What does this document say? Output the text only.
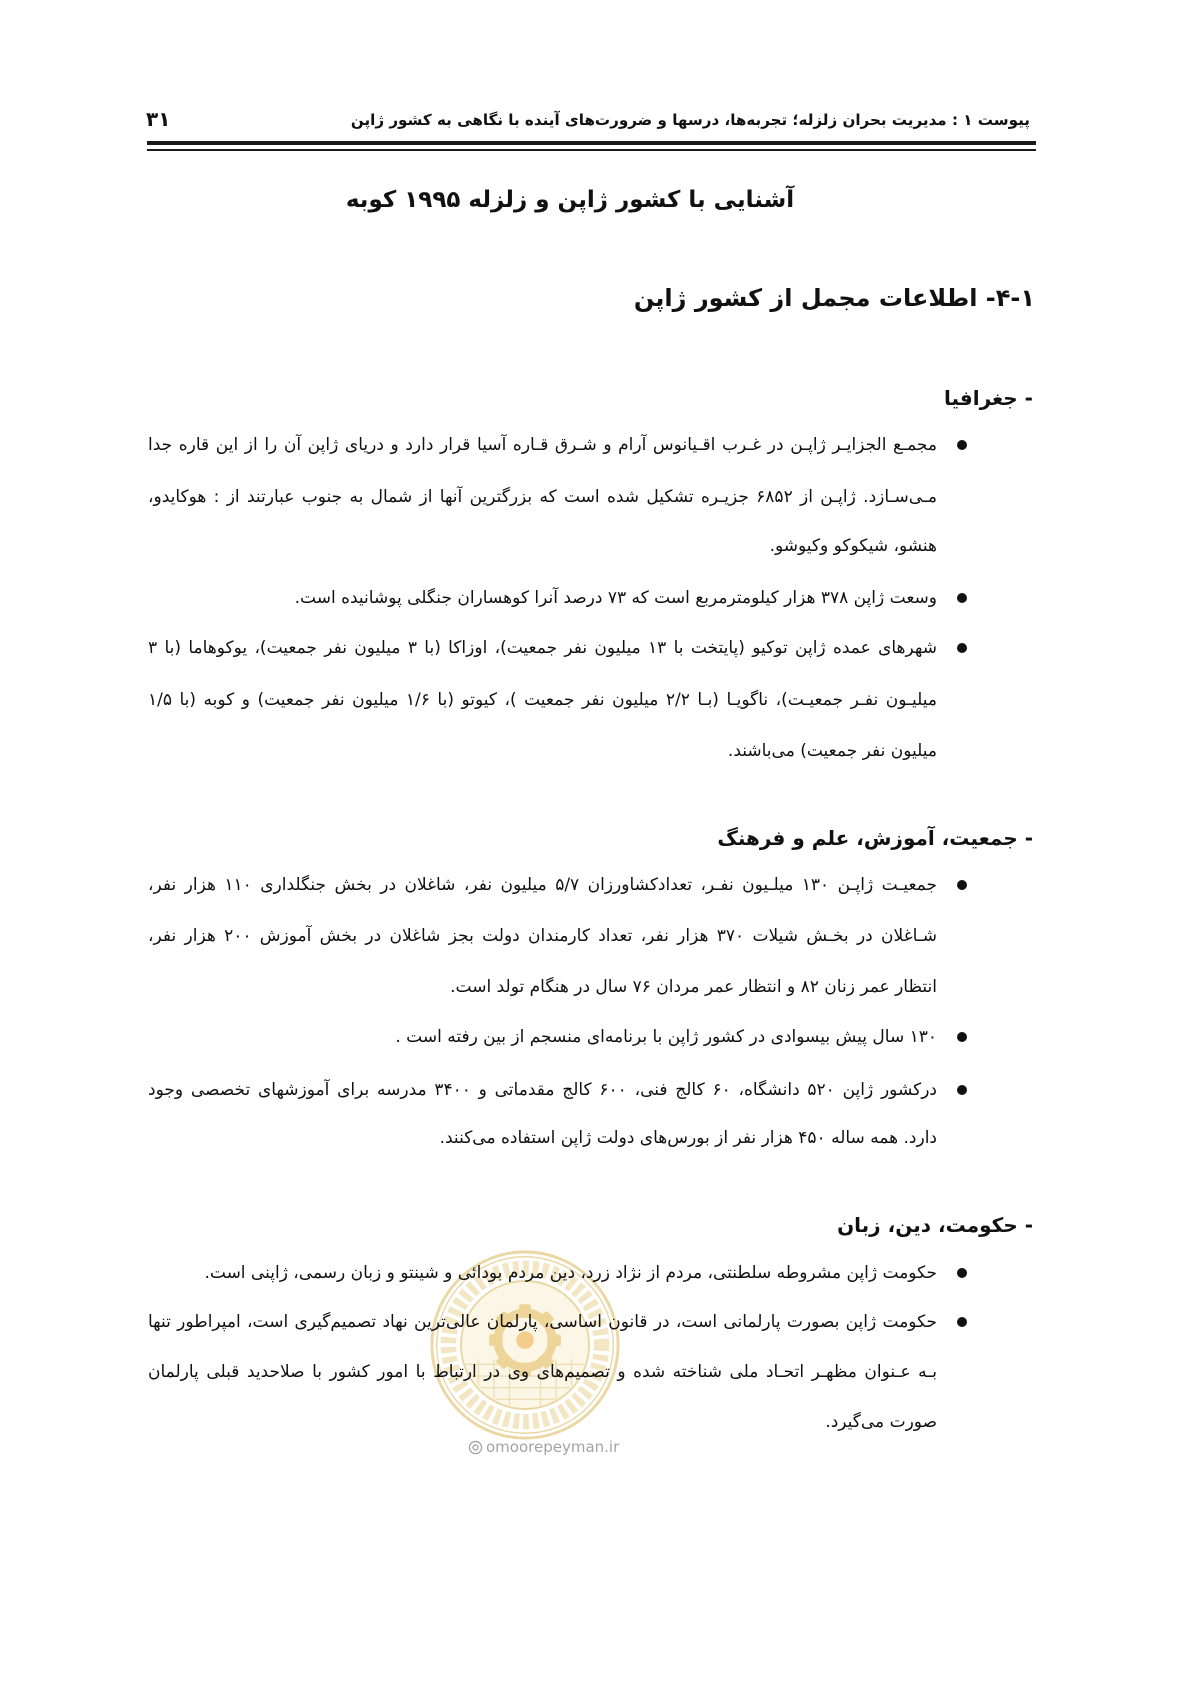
۳۱	پیوست ۱ : مدیریت بحران زلزله؛ تجربه‌ها، درسها و ضرورت‌های آینده با نگاهی به کشور ژاپن
آشنایی با کشور ژاپن و زلزله ۱۹۹۵ کوبه
۴-۱- اطلاعات مجمل از کشور ژاپن
- جغرافیا
مجمـع الجزایـر ژاپـن در غـرب اقـیانوس آرام و شـرق قـاره آسیا قرار دارد و دریای ژاپن آن را از این قاره جدا
مـی‌سـازد. ژاپـن از ۶۸۵۲ جزیـره تشکیل شده است که بزرگترین آنها از شمال به جنوب عبارتند از : هوکایدو،
هنشو، شیکوکو وکیوشو.
وسعت ژاپن ۳۷۸ هزار کیلومترمربع است که ۷۳ درصد آنرا کوهساران جنگلی پوشانیده است.
شهرهای عمده ژاپن توکیو (پایتخت با ۱۳ میلیون نفر جمعیت)، اوزاکا (با ۳ میلیون نفر جمعیت)، یوکوهاما (با ۳
میلیـون نفـر جمعیـت)، ناگویـا (بـا ۲/۲ میلیون نفر جمعیت )، کیوتو (با ۱/۶ میلیون نفر جمعیت) و کوبه (با ۱/۵
میلیون نفر جمعیت) می‌باشند.
- جمعیت، آموزش، علم و فرهنگ
جمعیـت ژاپـن ۱۳۰ میلـیون نفـر، تعدادکشاورزان ۵/۷ میلیون نفر، شاغلان در بخش جنگلداری ۱۱۰ هزار نفر،
شـاغلان در بخـش شیلات ۳۷۰ هزار نفر، تعداد کارمندان دولت بجز شاغلان در بخش آموزش ۲۰۰ هزار نفر،
انتظار عمر زنان ۸۲ و انتظار عمر مردان ۷۶ سال در هنگام تولد است.
۱۳۰ سال پیش بیسوادی در کشور ژاپن با برنامه‌ای منسجم از بین رفته است .
درکشور ژاپن ۵۲۰ دانشگاه، ۶۰ کالج فنی، ۶۰۰ کالج مقدماتی و ۳۴۰۰ مدرسه برای آموزشهای تخصصی وجود
دارد. همه ساله ۴۵۰ هزار نفر از بورس‌های دولت ژاپن استفاده می‌کنند.
- حکومت، دین، زبان
حکومت ژاپن مشروطه سلطنتی، مردم از نژاد زرد، دین مردم بودائی و شینتو و زبان رسمی، ژاپنی است.
حکومت ژاپن بصورت پارلمانی است، در قانون اساسی، پارلمان عالی‌ترین نهاد تصمیم‌گیری است، امپراطور تنها
بـه عـنوان مظهـر اتحـاد ملی شناخته شده و تصمیم‌های وی در ارتباط با امور کشور با صلاحدید قبلی پارلمان
صورت می‌گیرد.
omoorepeyman.ir
